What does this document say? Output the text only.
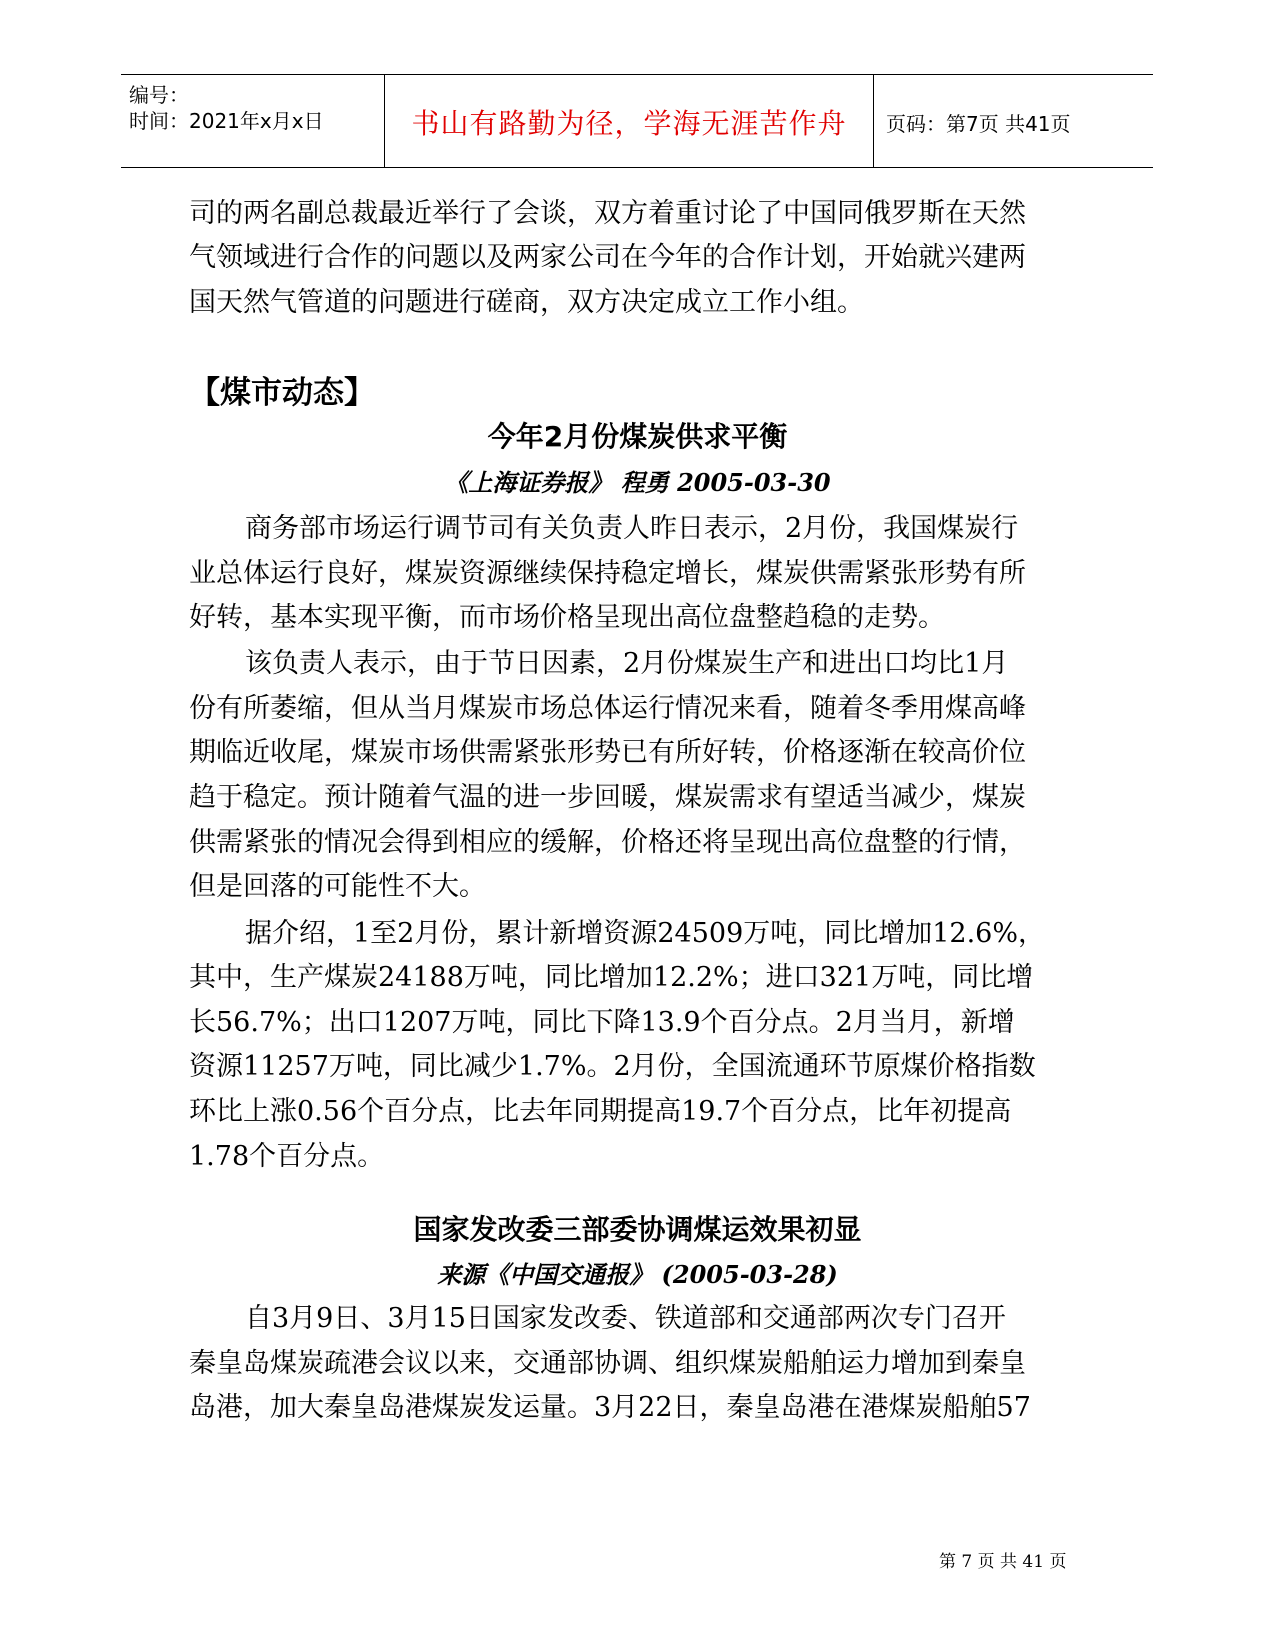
编号：
时间：2021年x月x日	书山有路勤为径，学海无涯苦作舟	页码：第7页 共41页
司的两名副总裁最近举行了会谈，双方着重讨论了中国同俄罗斯在天然
气领域进行合作的问题以及两家公司在今年的合作计划，开始就兴建两
国天然气管道的问题进行磋商，双方决定成立工作小组。
【煤市动态】
今年2月份煤炭供求平衡
《上海证券报》 程勇 2005-03-30
商务部市场运行调节司有关负责人昨日表示，2月份，我国煤炭行
业总体运行良好，煤炭资源继续保持稳定增长，煤炭供需紧张形势有所
好转，基本实现平衡，而市场价格呈现出高位盘整趋稳的走势。
该负责人表示，由于节日因素，2月份煤炭生产和进出口均比1月
份有所萎缩，但从当月煤炭市场总体运行情况来看，随着冬季用煤高峰
期临近收尾，煤炭市场供需紧张形势已有所好转，价格逐渐在较高价位
趋于稳定。预计随着气温的进一步回暖，煤炭需求有望适当减少，煤炭
供需紧张的情况会得到相应的缓解，价格还将呈现出高位盘整的行情，
但是回落的可能性不大。
据介绍，1至2月份，累计新增资源24509万吨，同比增加12.6%，
其中，生产煤炭24188万吨，同比增加12.2%；进口321万吨，同比增
长56.7%；出口1207万吨，同比下降13.9个百分点。2月当月，新增
资源11257万吨，同比减少1.7%。2月份，全国流通环节原煤价格指数
环比上涨0.56个百分点，比去年同期提高19.7个百分点，比年初提高
1.78个百分点。
国家发改委三部委协调煤运效果初显
来源《中国交通报》 (2005-03-28)
自3月9日、3月15日国家发改委、铁道部和交通部两次专门召开
秦皇岛煤炭疏港会议以来，交通部协调、组织煤炭船舶运力增加到秦皇
岛港，加大秦皇岛港煤炭发运量。3月22日，秦皇岛港在港煤炭船舶57
第 7 页 共 41 页
